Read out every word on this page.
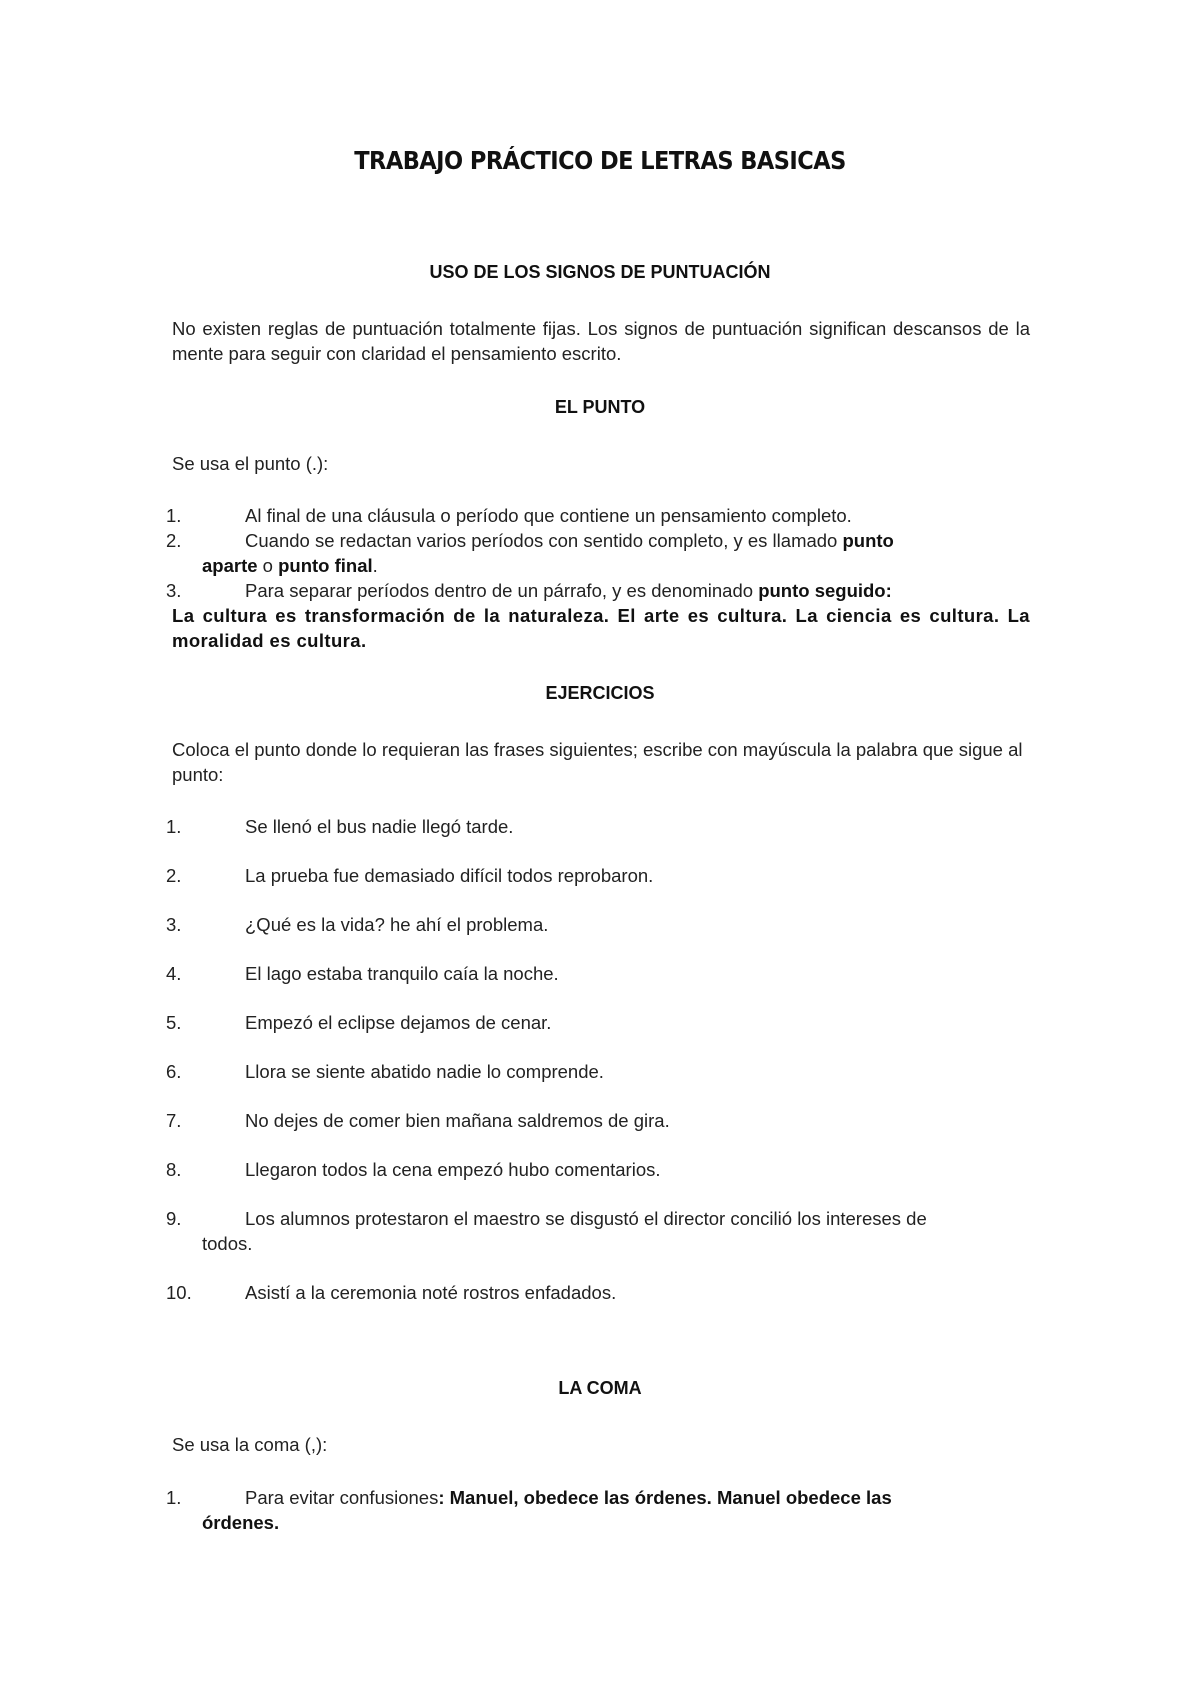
TRABAJO PRÁCTICO DE LETRAS BASICAS
USO DE LOS SIGNOS DE PUNTUACIÓN
No existen reglas de puntuación totalmente fijas. Los signos de puntuación significan descansos de la mente para seguir con claridad el pensamiento escrito.
EL PUNTO
Se usa el punto (.):
1.	Al final de una cláusula o período que contiene un pensamiento completo.
2.	Cuando se redactan varios períodos con sentido completo, y es llamado punto
aparte o punto final.
3.	Para separar períodos dentro de un párrafo, y es denominado punto seguido:
La cultura es transformación de la naturaleza. El arte es cultura. La ciencia es cultura. La moralidad es cultura.
EJERCICIOS
Coloca el punto donde lo requieran las frases siguientes; escribe con mayúscula la palabra que sigue al punto:
1.	Se llenó el bus nadie llegó tarde.
2.	La prueba fue demasiado difícil todos reprobaron.
3.	¿Qué es la vida? he ahí el problema.
4.	El lago estaba tranquilo caía la noche.
5.	Empezó el eclipse dejamos de cenar.
6.	Llora se siente abatido nadie lo comprende.
7.	No dejes de comer bien mañana saldremos de gira.
8.	Llegaron todos la cena empezó hubo comentarios.
9.	Los alumnos protestaron el maestro se disgustó el director concilió los intereses de
todos.
10.	Asistí a la ceremonia noté rostros enfadados.
LA COMA
Se usa la coma (,):
1.	Para evitar confusiones: Manuel, obedece las órdenes. Manuel obedece las
órdenes.
